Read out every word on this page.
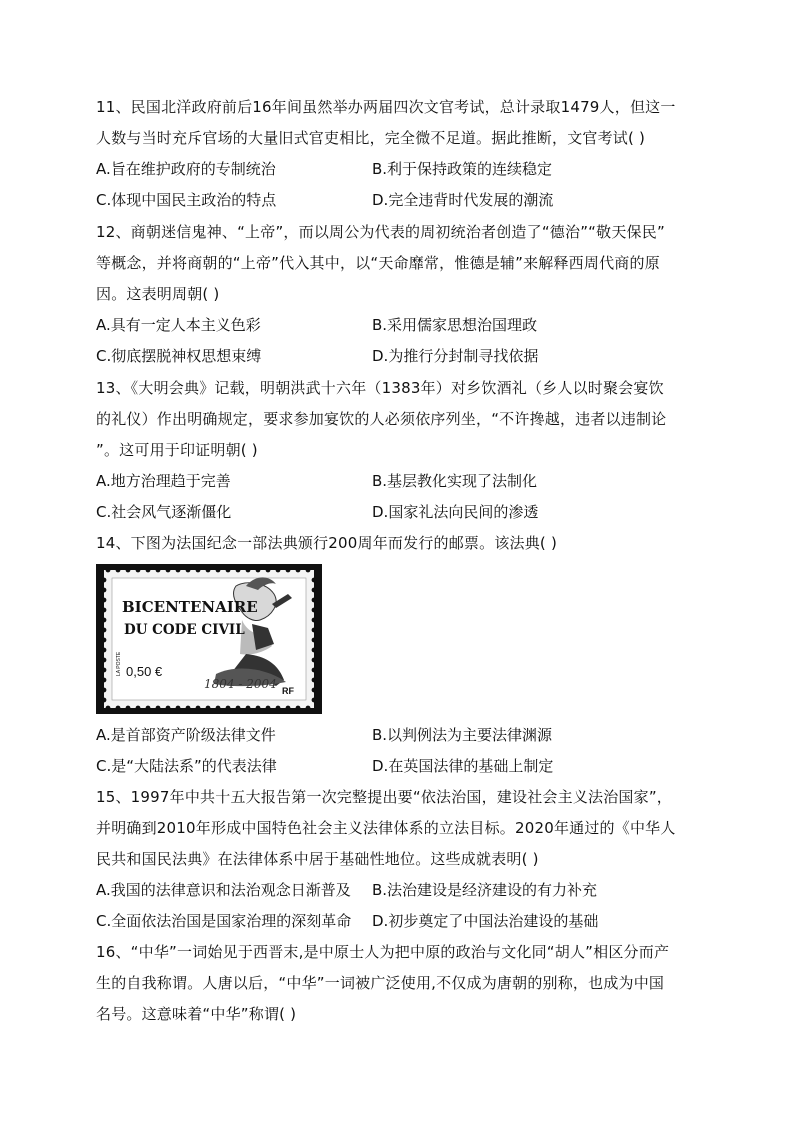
11、民国北洋政府前后16年间虽然举办两届四次文官考试，总计录取1479人，但这一
人数与当时充斥官场的大量旧式官吏相比，完全微不足道。据此推断，文官考试( )
A.旨在维护政府的专制统治	B.利于保持政策的连续稳定
C.体现中国民主政治的特点	D.完全违背时代发展的潮流
12、商朝迷信鬼神、“上帝”，而以周公为代表的周初统治者创造了“德治”“敬天保民”
等概念，并将商朝的“上帝”代入其中，以“天命靡常，惟德是辅”来解释西周代商的原
因。这表明周朝( )
A.具有一定人本主义色彩	B.采用儒家思想治国理政
C.彻底摆脱神权思想束缚	D.为推行分封制寻找依据
13、《大明会典》记载，明朝洪武十六年（1383年）对乡饮酒礼（乡人以时聚会宴饮
的礼仪）作出明确规定，要求参加宴饮的人必须依序列坐，“不许搀越，违者以违制论
”。这可用于印证明朝( )
A.地方治理趋于完善	B.基层教化实现了法制化
C.社会风气逐渐僵化	D.国家礼法向民间的渗透
14、下图为法国纪念一部法典颁行200周年而发行的邮票。该法典( )
BICENTENAIRE
DU CODE CIVIL
0,50 €
1804 - 2004 RF
LA POSTE
A.是首部资产阶级法律文件	B.以判例法为主要法律渊源
C.是“大陆法系”的代表法律	D.在英国法律的基础上制定
15、1997年中共十五大报告第一次完整提出要“依法治国，建设社会主义法治国家”，
并明确到2010年形成中国特色社会主义法律体系的立法目标。2020年通过的《中华人
民共和国民法典》在法律体系中居于基础性地位。这些成就表明( )
A.我国的法律意识和法治观念日渐普及 B.法治建设是经济建设的有力补充
C.全面依法治国是国家治理的深刻革命 D.初步奠定了中国法治建设的基础
16、“中华”一词始见于西晋末,是中原士人为把中原的政治与文化同“胡人”相区分而产
生的自我称谓。人唐以后，“中华”一词被广泛使用,不仅成为唐朝的别称，也成为中国
名号。这意味着“中华”称谓( )
